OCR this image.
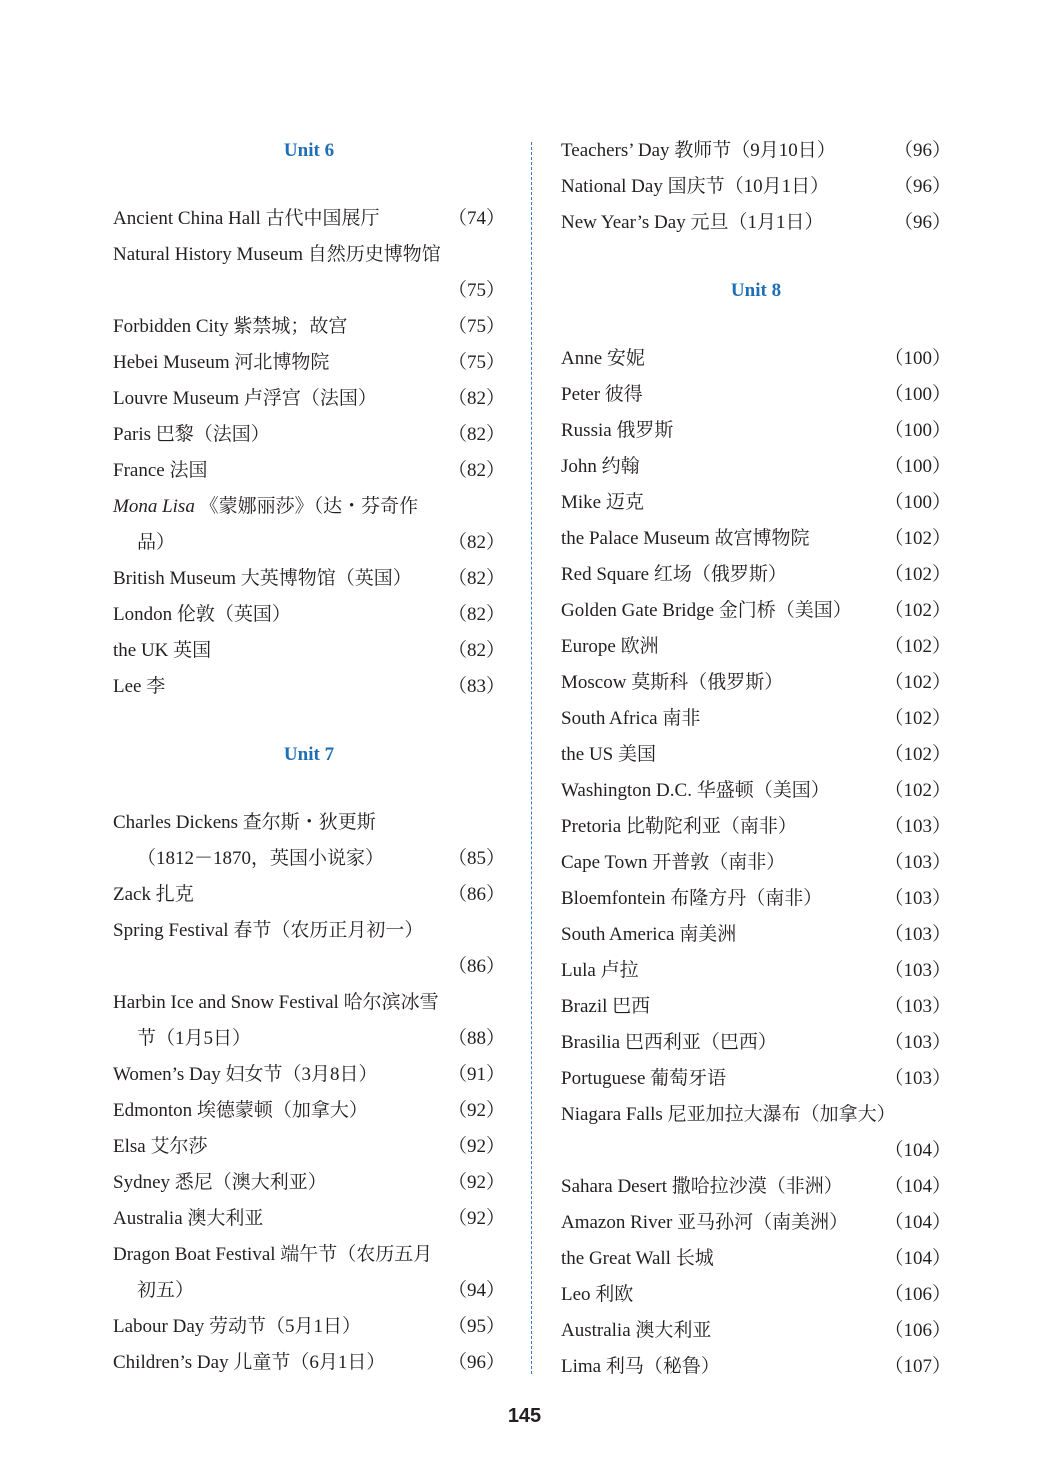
Unit 6
Ancient China Hall 古代中国展厅	（74）
Natural History Museum 自然历史博物馆
（75）
Forbidden City 紫禁城；故宫	（75）
Hebei Museum 河北博物院	（75）
Louvre Museum 卢浮宫（法国）	（82）
Paris 巴黎（法国）	（82）
France 法国	（82）
Mona Lisa 《蒙娜丽莎》（达・芬奇作
品）	（82）
British Museum 大英博物馆（英国） （82）
London 伦敦（英国）	（82）
the UK 英国	（82）
Lee 李	（83）
Unit 7
Charles Dickens 查尔斯・狄更斯
（1812－1870，英国小说家）	（85）
Zack 扎克	（86）
Spring Festival 春节（农历正月初一）
（86）
Harbin Ice and Snow Festival 哈尔滨冰雪
节（1月5日）	（88）
Women’s Day 妇女节（3月8日）	（91）
Edmonton 埃德蒙顿（加拿大）	（92）
Elsa 艾尔莎	（92）
Sydney 悉尼（澳大利亚）	（92）
Australia 澳大利亚	（92）
Dragon Boat Festival 端午节（农历五月
初五）	（94）
Labour Day 劳动节（5月1日）	（95）
Children’s Day 儿童节（6月1日）	（96）
Teachers’ Day 教师节（9月10日）	（96）
National Day 国庆节（10月1日）	（96）
New Year’s Day 元旦（1月1日）	（96）
Unit 8
Anne 安妮	（100）
Peter 彼得	（100）
Russia 俄罗斯	（100）
John 约翰	（100）
Mike 迈克	（100）
the Palace Museum 故宫博物院	（102）
Red Square 红场（俄罗斯）	（102）
Golden Gate Bridge 金门桥（美国） （102）
Europe 欧洲	（102）
Moscow 莫斯科（俄罗斯）	（102）
South Africa 南非	（102）
the US 美国	（102）
Washington D.C. 华盛顿（美国）	（102）
Pretoria 比勒陀利亚（南非）	（103）
Cape Town 开普敦（南非）	（103）
Bloemfontein 布隆方丹（南非）	（103）
South America 南美洲	（103）
Lula 卢拉	（103）
Brazil 巴西	（103）
Brasilia 巴西利亚（巴西）	（103）
Portuguese 葡萄牙语	（103）
Niagara Falls 尼亚加拉大瀑布（加拿大）
（104）
Sahara Desert 撒哈拉沙漠（非洲） （104）
Amazon River 亚马孙河（南美洲） （104）
the Great Wall 长城	（104）
Leo 利欧	（106）
Australia 澳大利亚	（106）
Lima 利马（秘鲁）	（107）
145
